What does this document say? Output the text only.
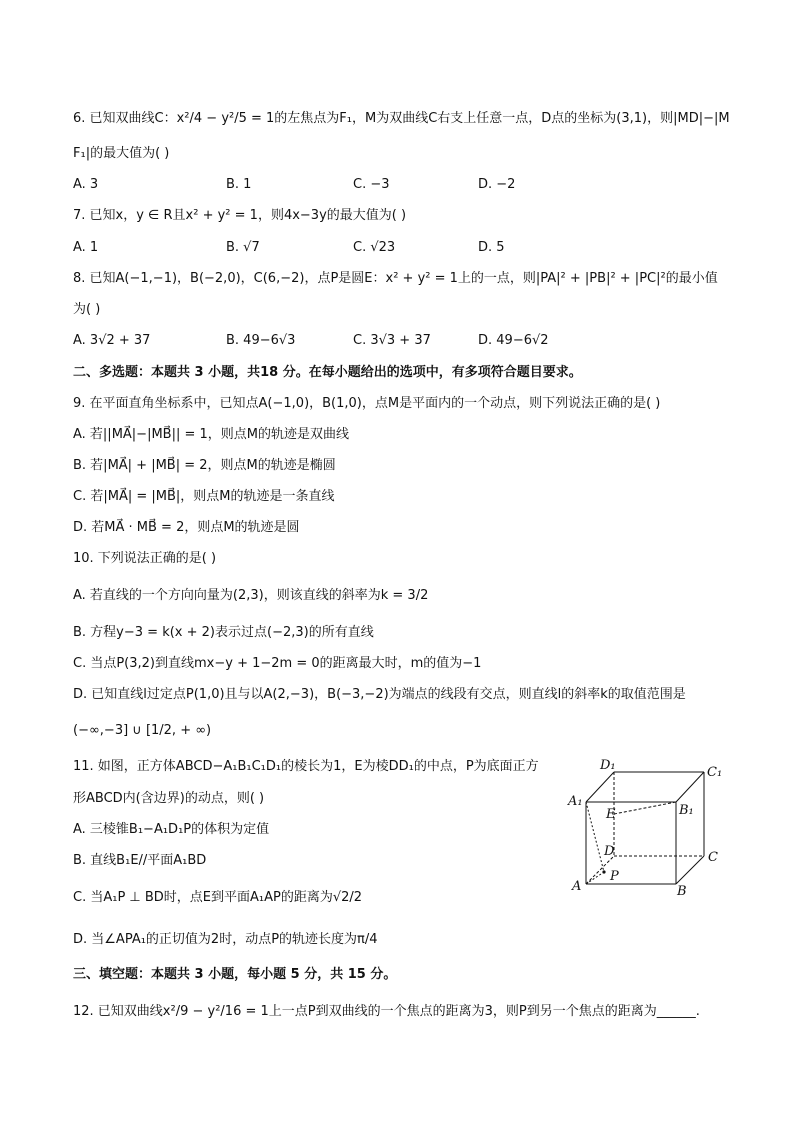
6. 已知双曲线C：x²/4 − y²/5 = 1的左焦点为F₁，M为双曲线C右支上任意一点，D点的坐标为(3,1)，则|MD|−|M
F₁|的最大值为( )
A. 3	B. 1	C. −3	D. −2
7. 已知x，y ∈ R且x² + y² = 1，则4x−3y的最大值为( )
A. 1	B. √7	C. √23	D. 5
8. 已知A(−1,−1)，B(−2,0)，C(6,−2)，点P是圆E：x² + y² = 1上的一点，则|PA|² + |PB|² + |PC|²的最小值
为( )
A. 3√2 + 37	B. 49−6√3	C. 3√3 + 37	D. 49−6√2
二、多选题：本题共 3 小题，共18 分。在每小题给出的选项中，有多项符合题目要求。
9. 在平面直角坐标系中，已知点A(−1,0)，B(1,0)，点M是平面内的一个动点，则下列说法正确的是( )
A. 若||MA⃗|−|MB⃗|| = 1，则点M的轨迹是双曲线
B. 若|MA⃗| + |MB⃗| = 2，则点M的轨迹是椭圆
C. 若|MA⃗| = |MB⃗|，则点M的轨迹是一条直线
D. 若MA⃗ · MB⃗ = 2，则点M的轨迹是圆
10. 下列说法正确的是( )
A. 若直线的一个方向向量为(2,3)，则该直线的斜率为k = 3/2
B. 方程y−3 = k(x + 2)表示过点(−2,3)的所有直线
C. 当点P(3,2)到直线mx−y + 1−2m = 0的距离最大时，m的值为−1
D. 已知直线l过定点P(1,0)且与以A(2,−3)，B(−3,−2)为端点的线段有交点，则直线l的斜率k的取值范围是
(−∞,−3] ∪ [1/2, + ∞)
11. 如图，正方体ABCD−A₁B₁C₁D₁的棱长为1，E为棱DD₁的中点，P为底面正方
形ABCD内(含边界)的动点，则( )
A. 三棱锥B₁−A₁D₁P的体积为定值
B. 直线B₁E//平面A₁BD
C. 当A₁P ⊥ BD时，点E到平面A₁AP的距离为√2/2
D. 当∠APA₁的正切值为2时，动点P的轨迹长度为π/4
D₁	C₁
A₁
B₁
E
D	C
A	B
P
三、填空题：本题共 3 小题，每小题 5 分，共 15 分。
12. 已知双曲线x²/9 − y²/16 = 1上一点P到双曲线的一个焦点的距离为3，则P到另一个焦点的距离为______.
